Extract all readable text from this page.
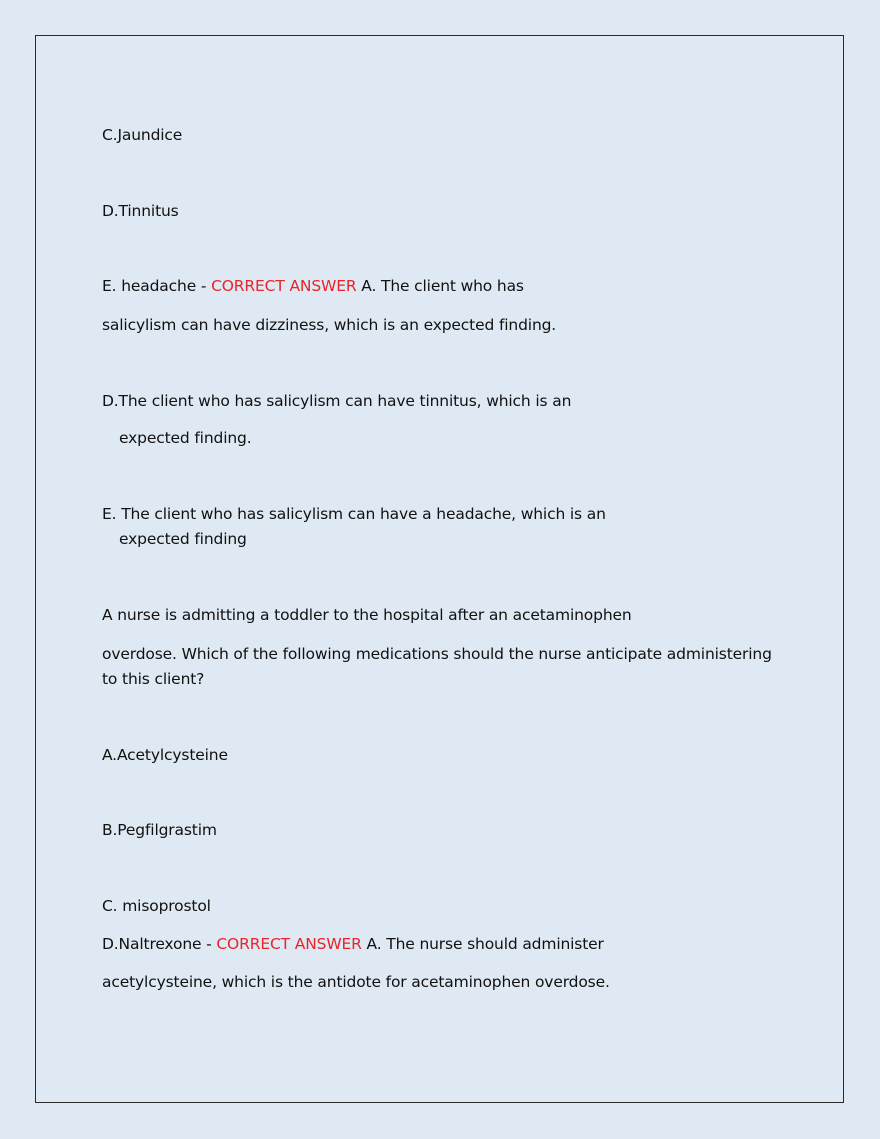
C.Jaundice
D.Tinnitus
E. headache - CORRECT ANSWER A. The client who has
salicylism can have dizziness, which is an expected finding.
D.The client who has salicylism can have tinnitus, which is an
expected finding.
E. The client who has salicylism can have a headache, which is an
expected finding
A nurse is admitting a toddler to the hospital after an acetaminophen
overdose. Which of the following medications should the nurse anticipate administering
to this client?
A.Acetylcysteine
B.Pegfilgrastim
C. misoprostol
D.Naltrexone - CORRECT ANSWER A. The nurse should administer
acetylcysteine, which is the antidote for acetaminophen overdose.
